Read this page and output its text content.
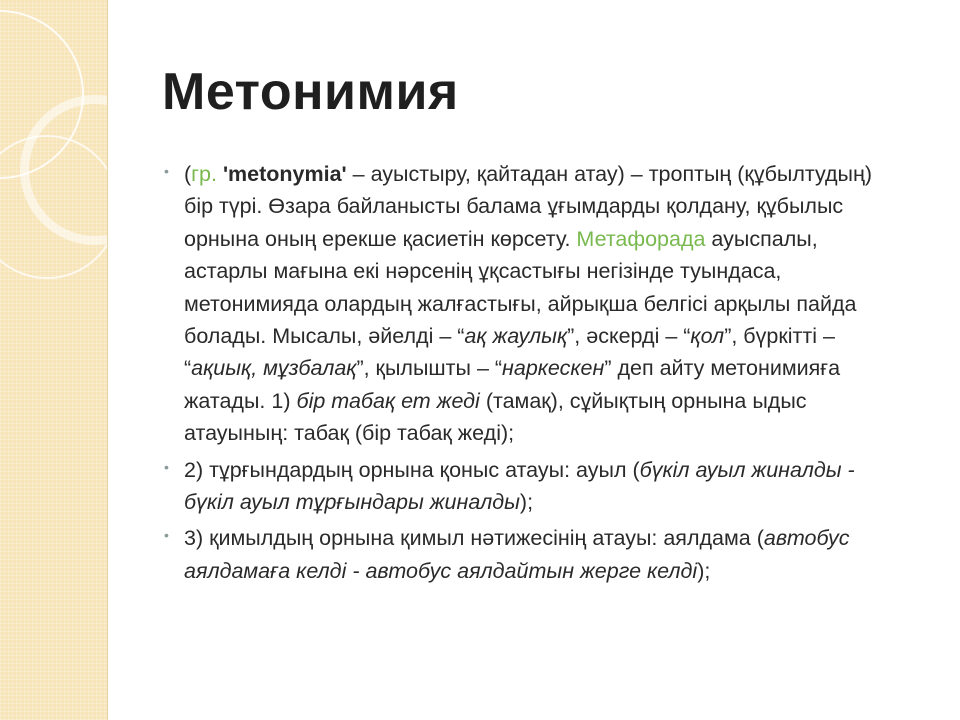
Метонимия
• (гр. 'metonymia' – ауыстыру, қайтадан атау) – троптың (құбылтудың) бір түрі. Өзара байланысты балама ұғымдарды қолдану, құбылыс орнына оның ерекше қасиетін көрсету. Метафорада ауыспалы, астарлы мағына екі нәрсенің ұқсастығы негізінде туындаса, метонимияда олардың жалғастығы, айрықша белгісі арқылы пайда болады. Мысалы, әйелді – “ақ жаулық”, әскерді – “қол”, бүркітті – “ақиық, мұзбалақ”, қылышты – “наркескен” деп айту метонимияға жатады. 1) бір табақ ет жеді (тамақ), сұйықтың орнына ыдыс атауының: табақ (бір табақ жеді);
• 2) тұрғындардың орнына қоныс атауы: ауыл (бүкіл ауыл жиналды - бүкіл ауыл тұрғындары жиналды);
• 3) қимылдың орнына қимыл нәтижесінің атауы: аялдама (автобус аялдамаға келді - автобус аялдайтын жерге келді);
